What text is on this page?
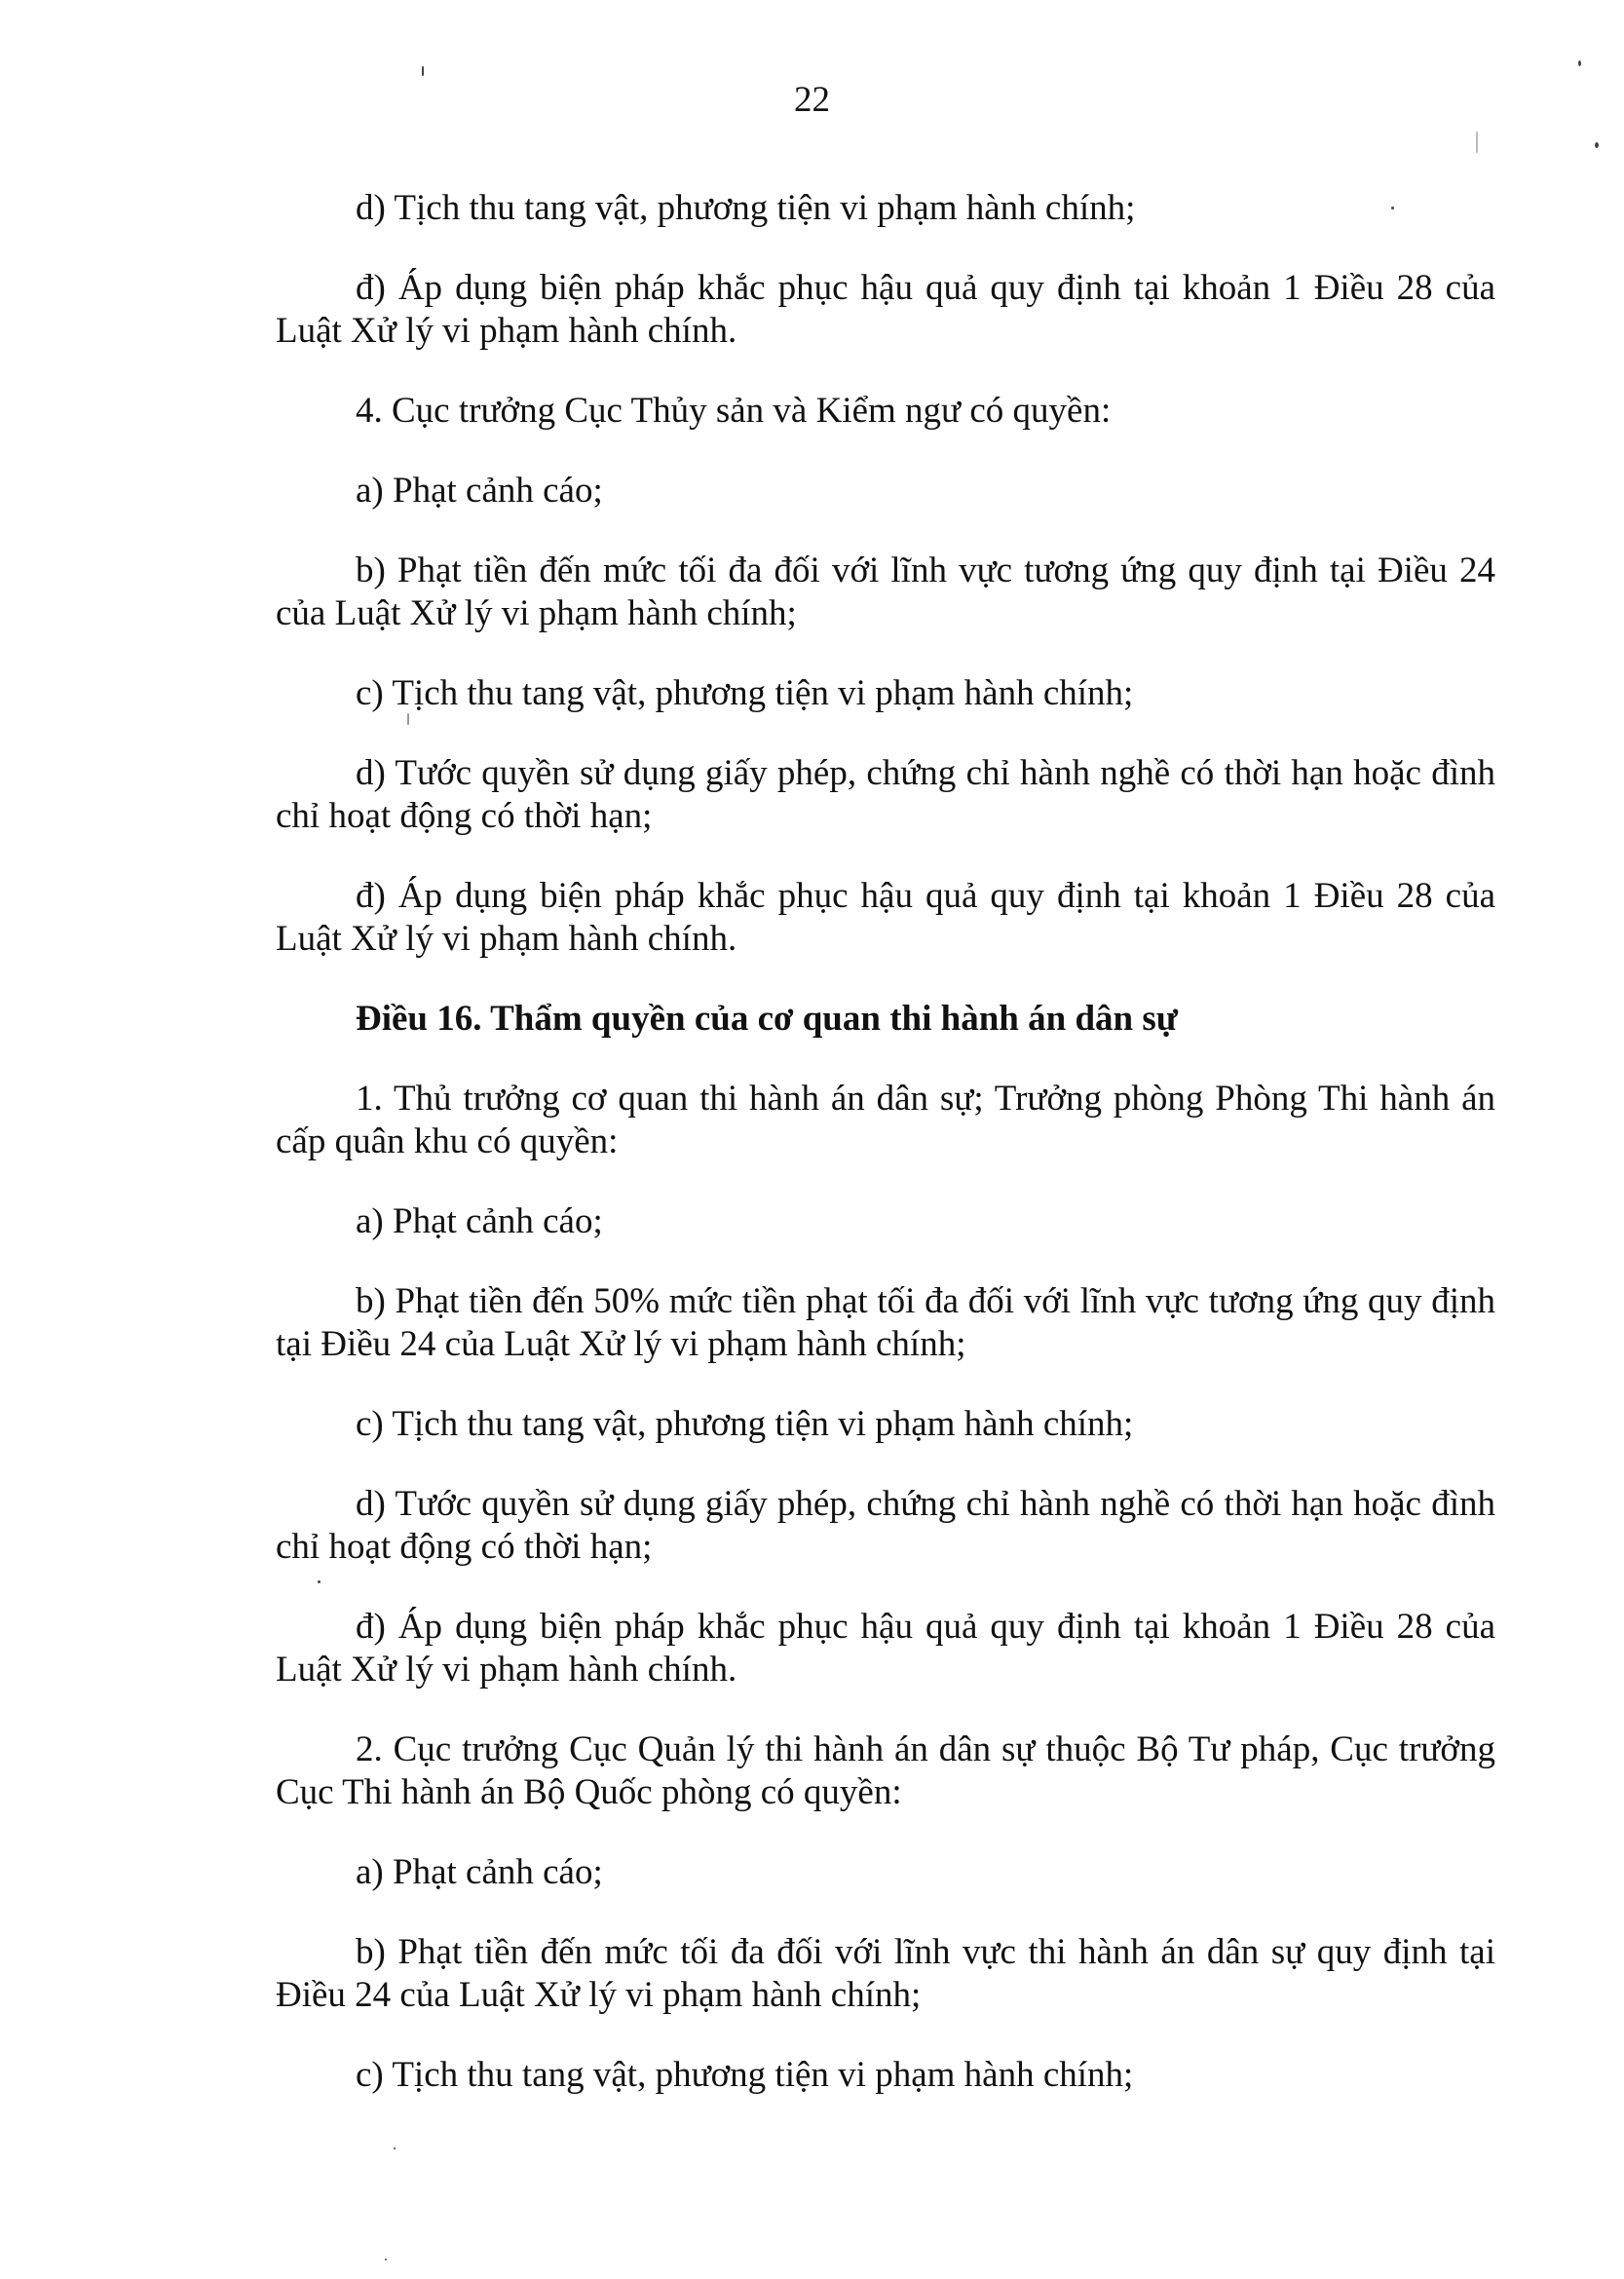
22

d) Tịch thu tang vật, phương tiện vi phạm hành chính;

đ) Áp dụng biện pháp khắc phục hậu quả quy định tại khoản 1 Điều 28 của Luật Xử lý vi phạm hành chính.

4. Cục trưởng Cục Thủy sản và Kiểm ngư có quyền:

a) Phạt cảnh cáo;

b) Phạt tiền đến mức tối đa đối với lĩnh vực tương ứng quy định tại Điều 24 của Luật Xử lý vi phạm hành chính;

c) Tịch thu tang vật, phương tiện vi phạm hành chính;

d) Tước quyền sử dụng giấy phép, chứng chỉ hành nghề có thời hạn hoặc đình chỉ hoạt động có thời hạn;

đ) Áp dụng biện pháp khắc phục hậu quả quy định tại khoản 1 Điều 28 của Luật Xử lý vi phạm hành chính.

Điều 16. Thẩm quyền của cơ quan thi hành án dân sự

1. Thủ trưởng cơ quan thi hành án dân sự; Trưởng phòng Phòng Thi hành án cấp quân khu có quyền:

a) Phạt cảnh cáo;

b) Phạt tiền đến 50% mức tiền phạt tối đa đối với lĩnh vực tương ứng quy định tại Điều 24 của Luật Xử lý vi phạm hành chính;

c) Tịch thu tang vật, phương tiện vi phạm hành chính;

d) Tước quyền sử dụng giấy phép, chứng chỉ hành nghề có thời hạn hoặc đình chỉ hoạt động có thời hạn;

đ) Áp dụng biện pháp khắc phục hậu quả quy định tại khoản 1 Điều 28 của Luật Xử lý vi phạm hành chính.

2. Cục trưởng Cục Quản lý thi hành án dân sự thuộc Bộ Tư pháp, Cục trưởng Cục Thi hành án Bộ Quốc phòng có quyền:

a) Phạt cảnh cáo;

b) Phạt tiền đến mức tối đa đối với lĩnh vực thi hành án dân sự quy định tại Điều 24 của Luật Xử lý vi phạm hành chính;

c) Tịch thu tang vật, phương tiện vi phạm hành chính;
